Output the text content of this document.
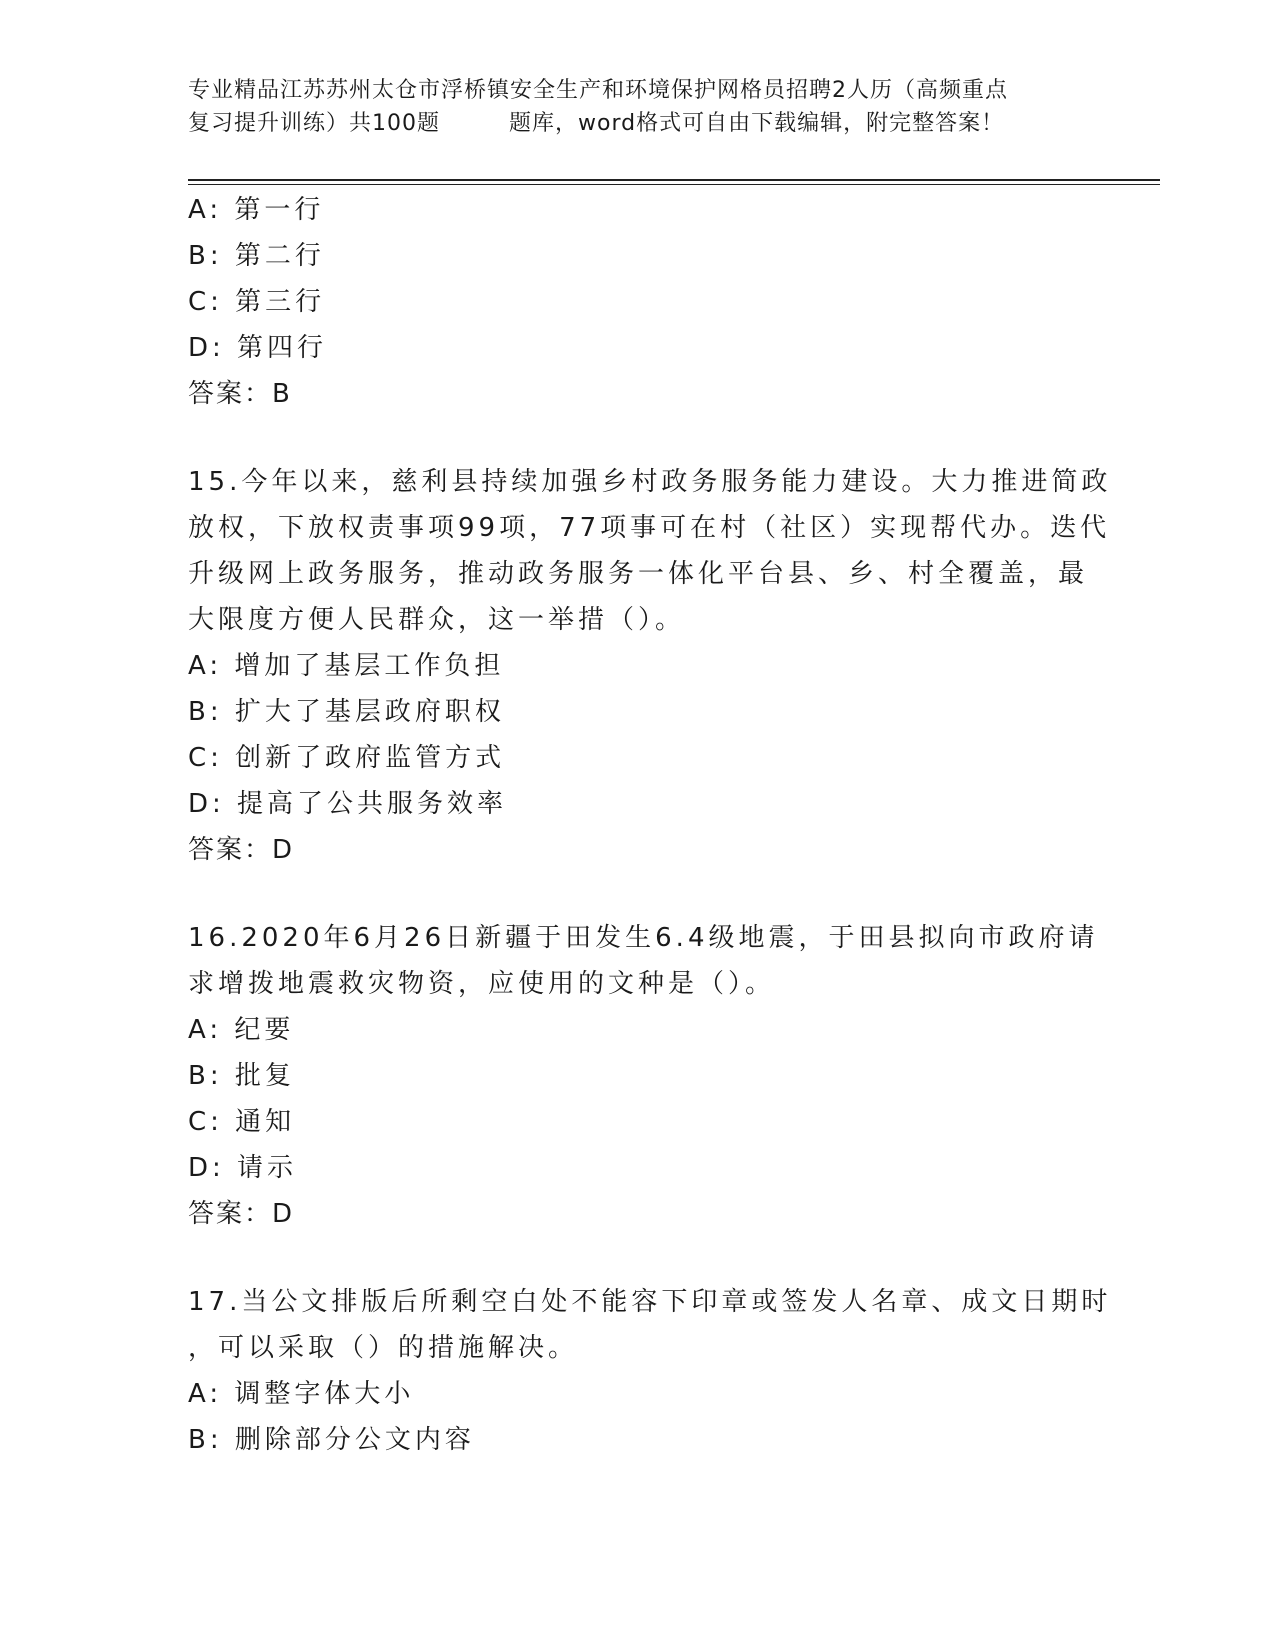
专业精品江苏苏州太仓市浮桥镇安全生产和环境保护网格员招聘2人历（高频重点
复习提升训练）共100题　　　题库，word格式可自由下载编辑，附完整答案！
A: 第一行
B: 第二行
C: 第三行
D: 第四行
答案：B
15.今年以来，慈利县持续加强乡村政务服务能力建设。大力推进简政
放权，下放权责事项99项，77项事可在村（社区）实现帮代办。迭代
升级网上政务服务，推动政务服务一体化平台县、乡、村全覆盖，最
大限度方便人民群众，这一举措（）。
A: 增加了基层工作负担
B: 扩大了基层政府职权
C: 创新了政府监管方式
D: 提高了公共服务效率
答案：D
16.2020年6月26日新疆于田发生6.4级地震，于田县拟向市政府请
求增拨地震救灾物资，应使用的文种是（）。
A: 纪要
B: 批复
C: 通知
D: 请示
答案：D
17.当公文排版后所剩空白处不能容下印章或签发人名章、成文日期时
，可以采取（）的措施解决。
A: 调整字体大小
B: 删除部分公文内容
